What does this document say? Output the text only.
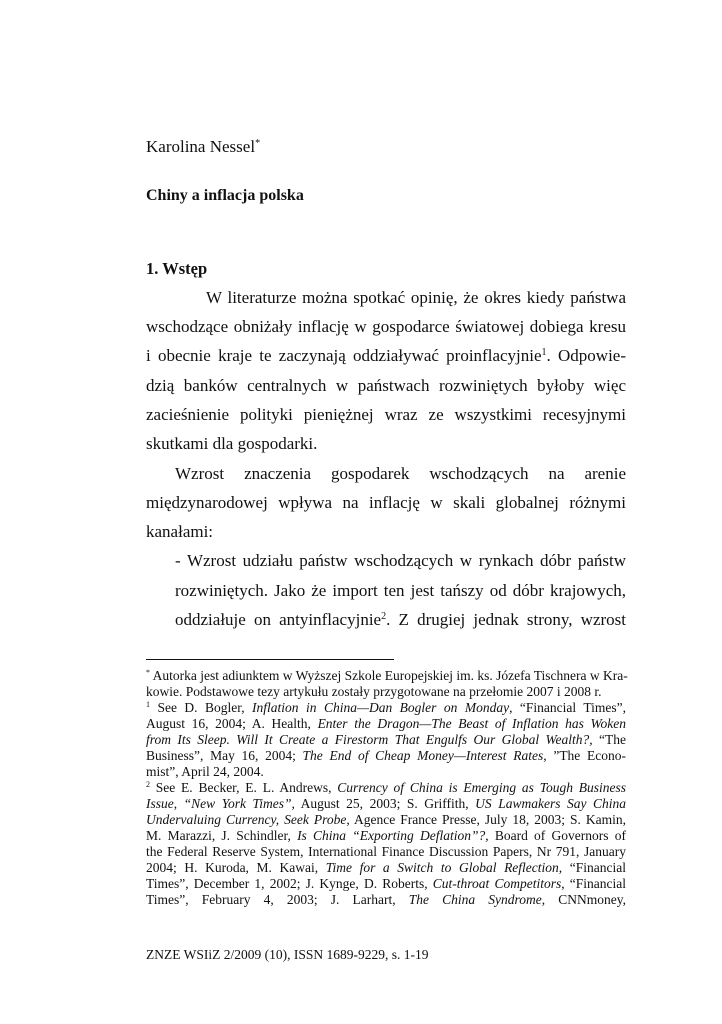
Karolina Nessel*
Chiny a inflacja polska
1. Wstęp
W literaturze można spotkać opinię, że okres kiedy państwa
wschodzące obniżały inflację w gospodarce światowej dobiega kresu
i obecnie kraje te zaczynają oddziaływać proinflacyjnie$^1$. Odpowie-
dzią banków centralnych w państwach rozwiniętych byłoby więc
zacieśnienie polityki pieniężnej wraz ze wszystkimi recesyjnymi
skutkami dla gospodarki.
Wzrost znaczenia gospodarek wschodzących na arenie
międzynarodowej wpływa na inflację w skali globalnej różnymi
kanałami:
- Wzrost udziału państw wschodzących w rynkach dóbr państw
rozwiniętych. Jako że import ten jest tańszy od dóbr krajowych,
oddziałuje on antyinflacyjnie$^2$. Z drugiej jednak strony, wzrost
* Autorka jest adiunktem w Wyższej Szkole Europejskiej im. ks. Józefa Tischnera w Kra-
kowie. Podstawowe tezy artykułu zostały przygotowane na przełomie 2007 i 2008 r.
$^1$ See D. Bogler, Inflation in China—Dan Bogler on Monday, “Financial Times”,
August 16, 2004; A. Health, Enter the Dragon—The Beast of Inflation has Woken
from Its Sleep. Will It Create a Firestorm That Engulfs Our Global Wealth?, “The
Business”, May 16, 2004; The End of Cheap Money—Interest Rates, ”The Econo-
mist”, April 24, 2004.
$^2$ See E. Becker, E. L. Andrews, Currency of China is Emerging as Tough Business
Issue, “New York Times”, August 25, 2003; S. Griffith, US Lawmakers Say China
Undervaluing Currency, Seek Probe, Agence France Presse, July 18, 2003; S. Kamin,
M. Marazzi, J. Schindler, Is China “Exporting Deflation”?, Board of Governors of
the Federal Reserve System, International Finance Discussion Papers, Nr 791, January
2004; H. Kuroda, M. Kawai, Time for a Switch to Global Reflection, “Financial
Times”, December 1, 2002; J. Kynge, D. Roberts, Cut-throat Competitors, “Financial
Times”, February 4, 2003; J. Larhart, The China Syndrome, CNNmoney,
ZNZE WSIiZ 2/2009 (10), ISSN 1689-9229, s. 1-19
